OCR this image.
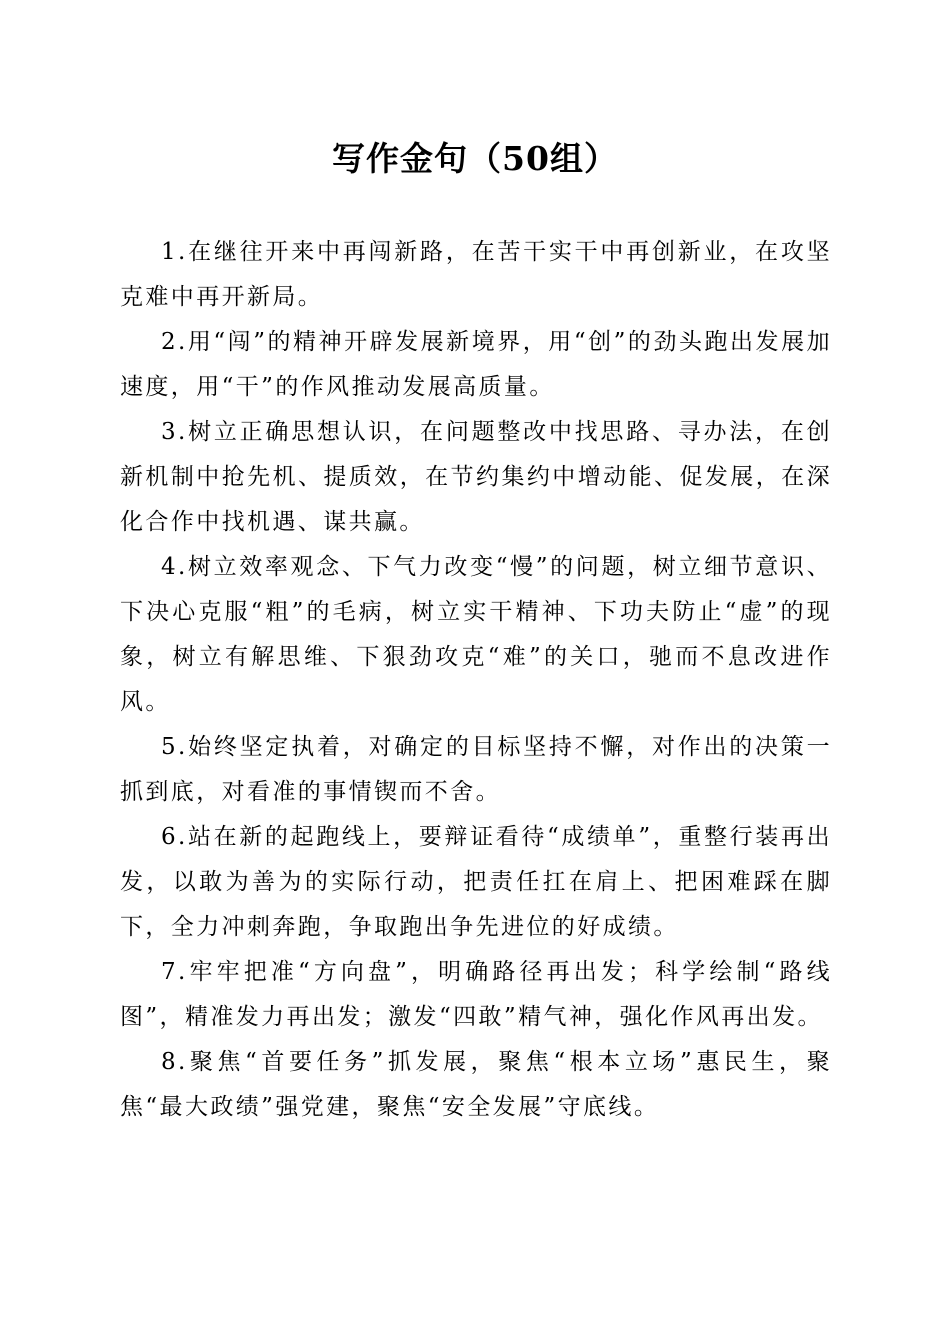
写作金句（50组）

1.在继往开来中再闯新路，在苦干实干中再创新业，在攻坚克难中再开新局。

2.用“闯”的精神开辟发展新境界，用“创”的劲头跑出发展加速度，用“干”的作风推动发展高质量。

3.树立正确思想认识，在问题整改中找思路、寻办法，在创新机制中抢先机、提质效，在节约集约中增动能、促发展，在深化合作中找机遇、谋共赢。

4.树立效率观念、下气力改变“慢”的问题，树立细节意识、下决心克服“粗”的毛病，树立实干精神、下功夫防止“虚”的现象，树立有解思维、下狠劲攻克“难”的关口，驰而不息改进作风。

5.始终坚定执着，对确定的目标坚持不懈，对作出的决策一抓到底，对看准的事情锲而不舍。

6.站在新的起跑线上，要辩证看待“成绩单”，重整行装再出发，以敢为善为的实际行动，把责任扛在肩上、把困难踩在脚下，全力冲刺奔跑，争取跑出争先进位的好成绩。

7.牢牢把准“方向盘”，明确路径再出发；科学绘制“路线图”，精准发力再出发；激发“四敢”精气神，强化作风再出发。

8.聚焦“首要任务”抓发展，聚焦“根本立场”惠民生，聚焦“最大政绩”强党建，聚焦“安全发展”守底线。
